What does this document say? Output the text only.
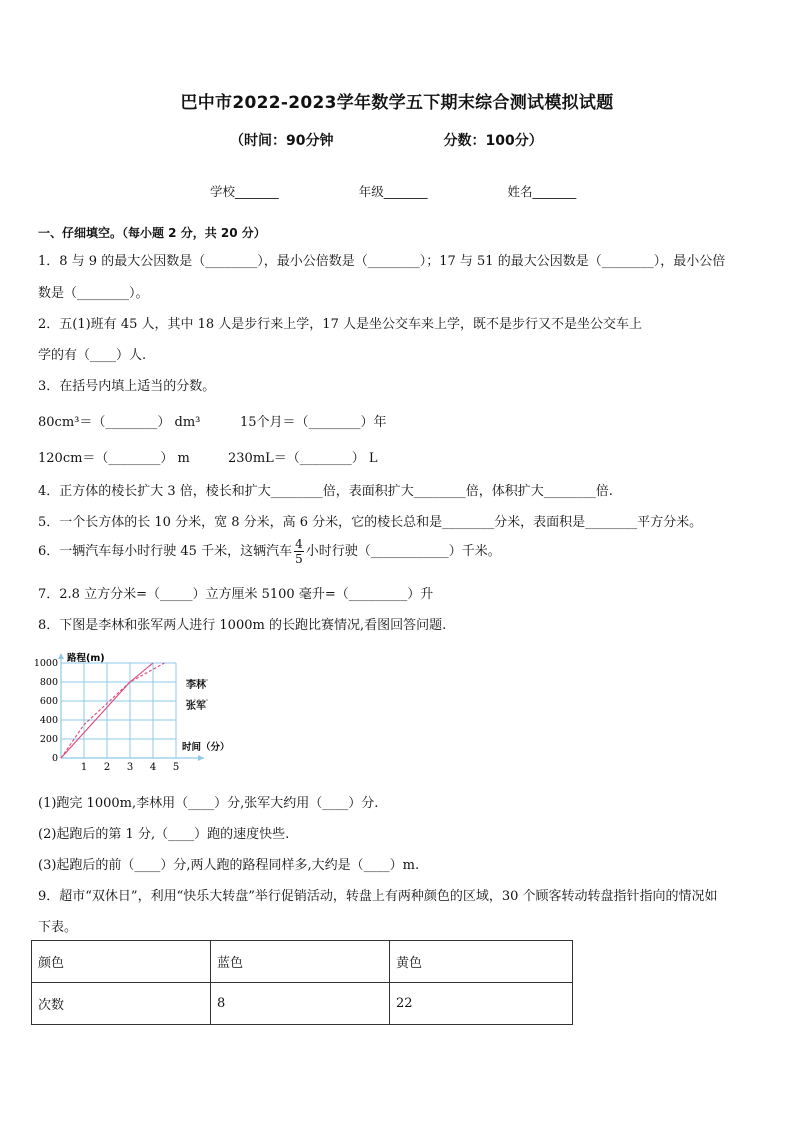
巴中市2022-2023学年数学五下期末综合测试模拟试题
（时间：90分钟	分数：100分）
学校_______	年级_______	姓名_______
一、仔细填空。（每小题 2 分，共 20 分）
1．8 与 9 的最大公因数是（________），最小公倍数是（________）；17 与 51 的最大公因数是（________），最小公倍
数是（________）。
2．五(1)班有 45 人，其中 18 人是步行来上学，17 人是坐公交车来上学，既不是步行又不是坐公交车上
学的有（____）人.
3．在括号内填上适当的分数。
80cm³＝（________） dm³	15个月＝（________）年
120cm＝（________） m	230mL＝（________） L
4．正方体的棱长扩大 3 倍，棱长和扩大________倍，表面积扩大________倍，体积扩大________倍.
5．一个长方体的长 10 分米，宽 8 分米，高 6 分米，它的棱长总和是________分米，表面积是________平方分米。
6．一辆汽车每小时行驶 45 千米，这辆汽车 $\frac{4}{5}$ 小时行驶（____________）千米。
7．2.8 立方分米=（_____）立方厘米 5100 毫升=（_________）升
8．下图是李林和张军两人进行 1000m 的长跑比赛情况,看图回答问题.
1 2 3 4 5
0
200
400
600
800
1000 路程(m)
时间（分）
李林
张军
(1)跑完 1000m,李林用（____）分,张军大约用（____）分.
(2)起跑后的第 1 分,（____）跑的速度快些.
(3)起跑后的前（____）分,两人跑的路程同样多,大约是（____）m.
9．超市“双休日”，利用“快乐大转盘”举行促销活动，转盘上有两种颜色的区域，30 个顾客转动转盘指针指向的情况如
下表。
颜色	蓝色	黄色
次数	8	22
